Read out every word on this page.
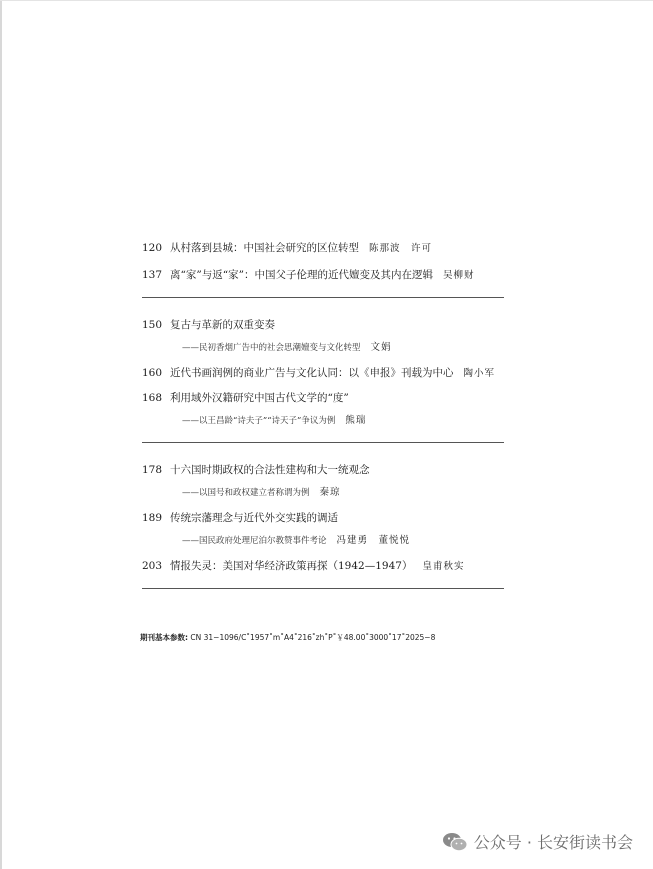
120 从村落到县城：中国社会研究的区位转型 陈那波　许可
137 离“家”与返“家”：中国父子伦理的近代嬗变及其内在逻辑 吴柳财
150 复古与革新的双重变奏
——民初香烟广告中的社会思潮嬗变与文化转型 文娟
160 近代书画润例的商业广告与文化认同：以《申报》刊载为中心 陶小军
168 利用域外汉籍研究中国古代文学的“度”
——以王昌龄“诗夫子”“诗天子”争议为例 熊瑞
178 十六国时期政权的合法性建构和大一统观念
——以国号和政权建立者称谓为例 秦琼
189 传统宗藩理念与近代外交实践的调适
——国民政府处理尼泊尔教赞事件考论 冯建勇　董悦悦
203 情报失灵：美国对华经济政策再探（1942—1947） 皇甫秋实
期刊基本参数: CN 31−1096/C˚1957˚m˚A4˚216˚zh˚P˚￥48.00˚3000˚17˚2025−8
公众号 · 长安街读书会
